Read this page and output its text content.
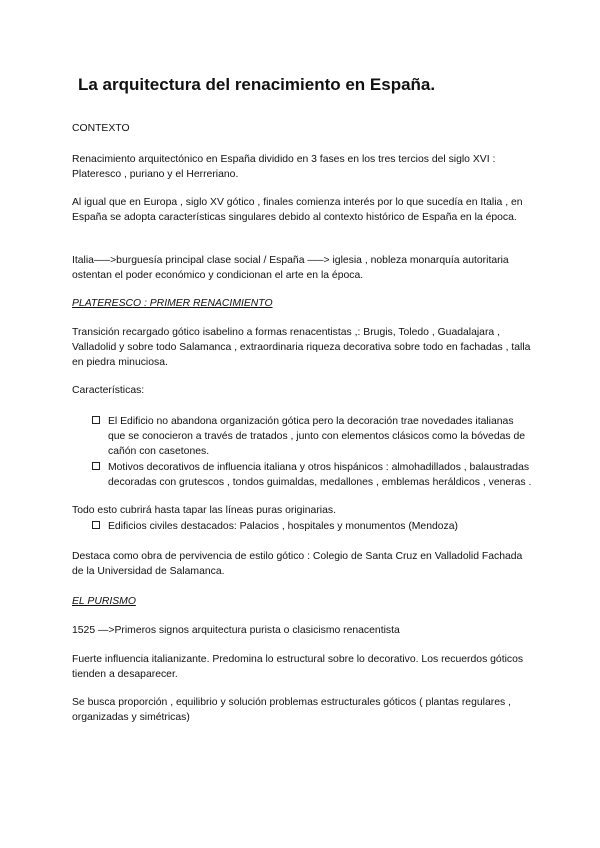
La arquitectura del renacimiento en España.

CONTEXTO

Renacimiento arquitectónico en España dividido en 3 fases en los tres tercios del siglo XVI : Plateresco , puriano y el Herreriano.

Al igual que en Europa , siglo XV gótico , finales comienza interés por lo que sucedía en Italia , en España se adopta características singulares debido al contexto histórico de España en la época.

Italia—–>burguesía principal clase social / España —–> iglesia , nobleza monarquía autoritaria ostentan el poder económico y condicionan el arte en la época.

PLATERESCO : PRIMER RENACIMIENTO

Transición recargado gótico isabelino a formas renacentistas ,: Brugis, Toledo , Guadalajara , Valladolid y sobre todo Salamanca , extraordinaria riqueza decorativa sobre todo en fachadas , talla en piedra minuciosa.

Características:

El Edificio no abandona organización gótica pero la decoración trae novedades italianas que se conocieron a través de tratados , junto con elementos clásicos como la bóvedas de cañón con casetones.
Motivos decorativos de influencia italiana y otros hispánicos : almohadillados , balaustradas decoradas con grutescos , tondos guimaldas, medallones , emblemas heráldicos , veneras .

Todo esto cubrirá hasta tapar las líneas puras originarias.

Edificios civiles destacados: Palacios , hospitales y monumentos (Mendoza)

Destaca como obra de pervivencia de estilo gótico : Colegio de Santa Cruz en Valladolid Fachada de la Universidad de Salamanca.

EL PURISMO

1525 —>Primeros signos arquitectura purista o clasicismo renacentista

Fuerte influencia italianizante. Predomina lo estructural sobre lo decorativo. Los recuerdos góticos tienden a desaparecer.

Se busca proporción , equilibrio y solución problemas estructurales góticos ( plantas regulares , organizadas y simétricas)
